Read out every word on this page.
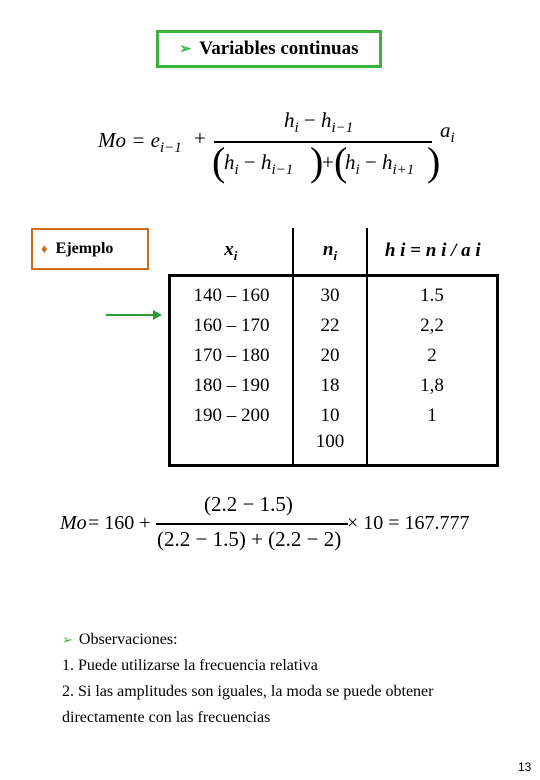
➢ Variables continuas
$Mo = e_{i-1}$ +
$h_i - h_{i-1}$
(
$h_i - h_{i-1}$ )
+ (
$h_i - h_{i+1}$ )
$a_i$
♦ Ejemplo	$x_i$	$n_i$	h i = n i / a i
140 – 160	30	1.5
160 – 170	22	2,2
170 – 180	20	2
180 – 190	18	1,8
190 – 200	10	1
	100	
Mo = 160 +
(2.2 − 1.5)
(2.2 − 1.5) + (2.2 − 2)
× 10 = 167.777
➢ Observaciones:
1. Puede utilizarse la frecuencia relativa
2. Si las amplitudes son iguales, la moda se puede obtener directamente con las frecuencias
13
